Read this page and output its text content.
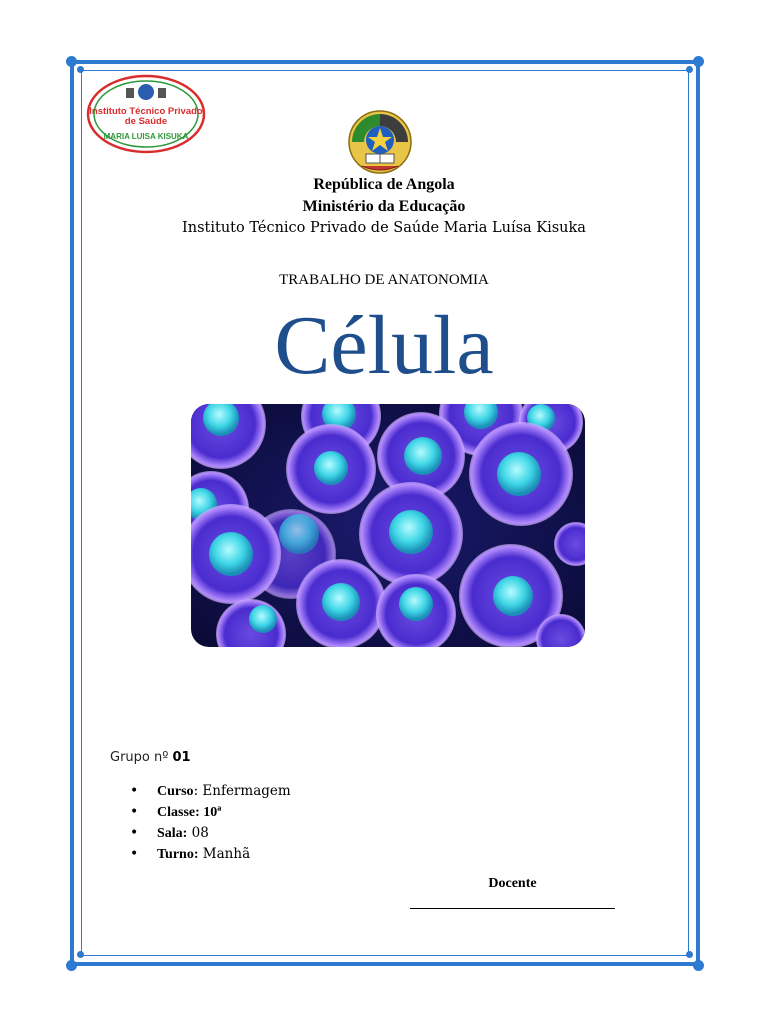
Instituto Técnico Privado
de Saúde
MARIA LUISA KISUKA

República de Angola

Ministério da Educação

Instituto Técnico Privado de Saúde Maria Luísa Kisuka

TRABALHO DE ANATONOMIA

Célula

Grupo nº 01
• Curso: Enfermagem
• Classe: 10ª
• Sala: 08
• Turno: Manhã
Docente
